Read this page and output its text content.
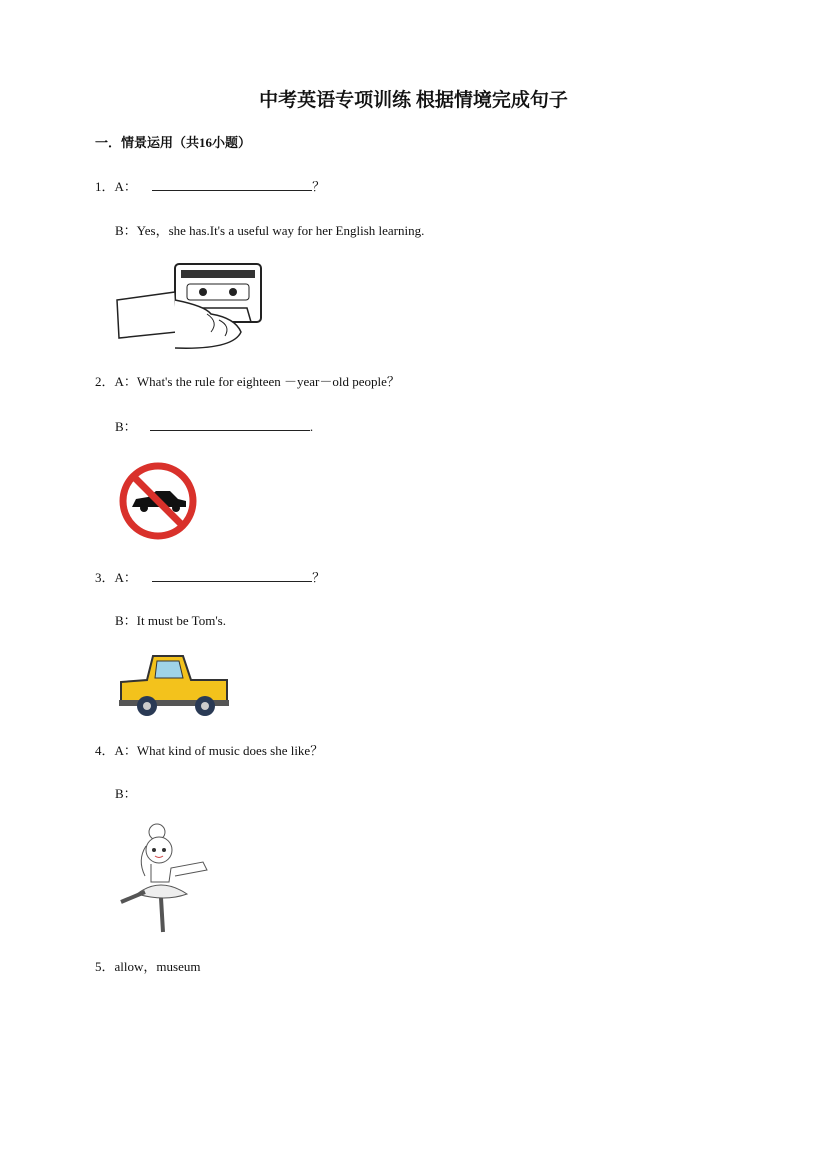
中考英语专项训练 根据情境完成句子
一．情景运用（共16小题）
1．A：	？
B：Yes，she has.It's a useful way for her English learning.
2．A：What's the rule for eighteen －year－old people？
B：	.
3．A：	？
B：It must be Tom's.
4．A：What kind of music does she like？
B：
5．allow，museum
